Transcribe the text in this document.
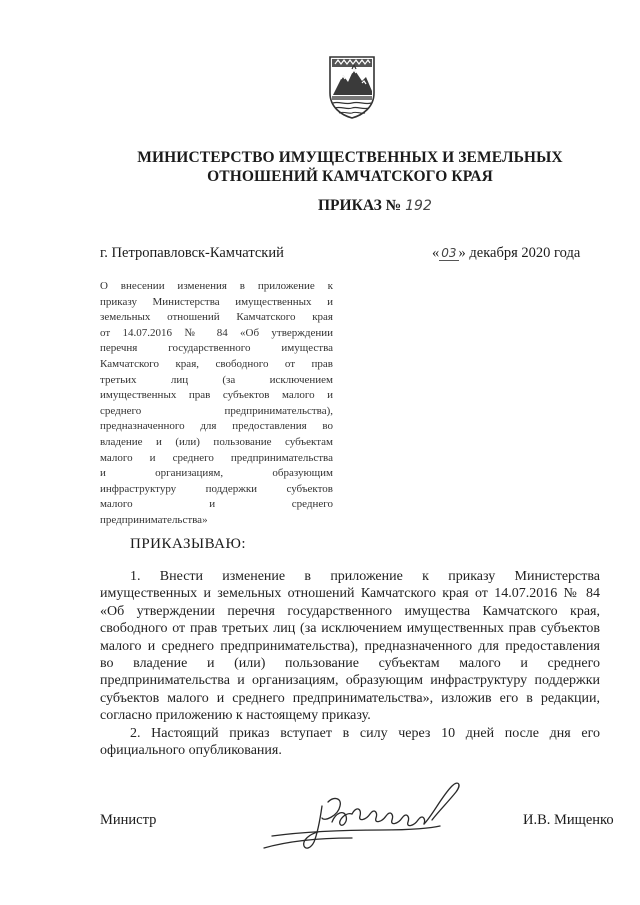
МИНИСТЕРСТВО ИМУЩЕСТВЕННЫХ И ЗЕМЕЛЬНЫХ
ОТНОШЕНИЙ КАМЧАТСКОГО КРАЯ
ПРИКАЗ № 192
г. Петропавловск-Камчатский	« 03 » декабря 2020 года
О внесении изменения в приложение к
приказу Министерства имущественных и
земельных отношений Камчатского края
от 14.07.2016 № 84 «Об утверждении
перечня государственного имущества
Камчатского края, свободного от прав
третьих лиц (за исключением
имущественных прав субъектов малого и
среднего предпринимательства),
предназначенного для предоставления во
владение и (или) пользование субъектам
малого и среднего предпринимательства
и организациям, образующим
инфраструктуру поддержки субъектов
малого и среднего
предпринимательства»
ПРИКАЗЫВАЮ:
1. Внести изменение в приложение к приказу Министерства
имущественных и земельных отношений Камчатского края от 14.07.2016 № 84
«Об утверждении перечня государственного имущества Камчатского края,
свободного от прав третьих лиц (за исключением имущественных прав субъектов
малого и среднего предпринимательства), предназначенного для предоставления
во владение и (или) пользование субъектам малого и среднего
предпринимательства и организациям, образующим инфраструктуру поддержки
субъектов малого и среднего предпринимательства», изложив его в редакции,
согласно приложению к настоящему приказу.
2. Настоящий приказ вступает в силу через 10 дней после дня его
официального опубликования.
Министр	И.В. Мищенко
